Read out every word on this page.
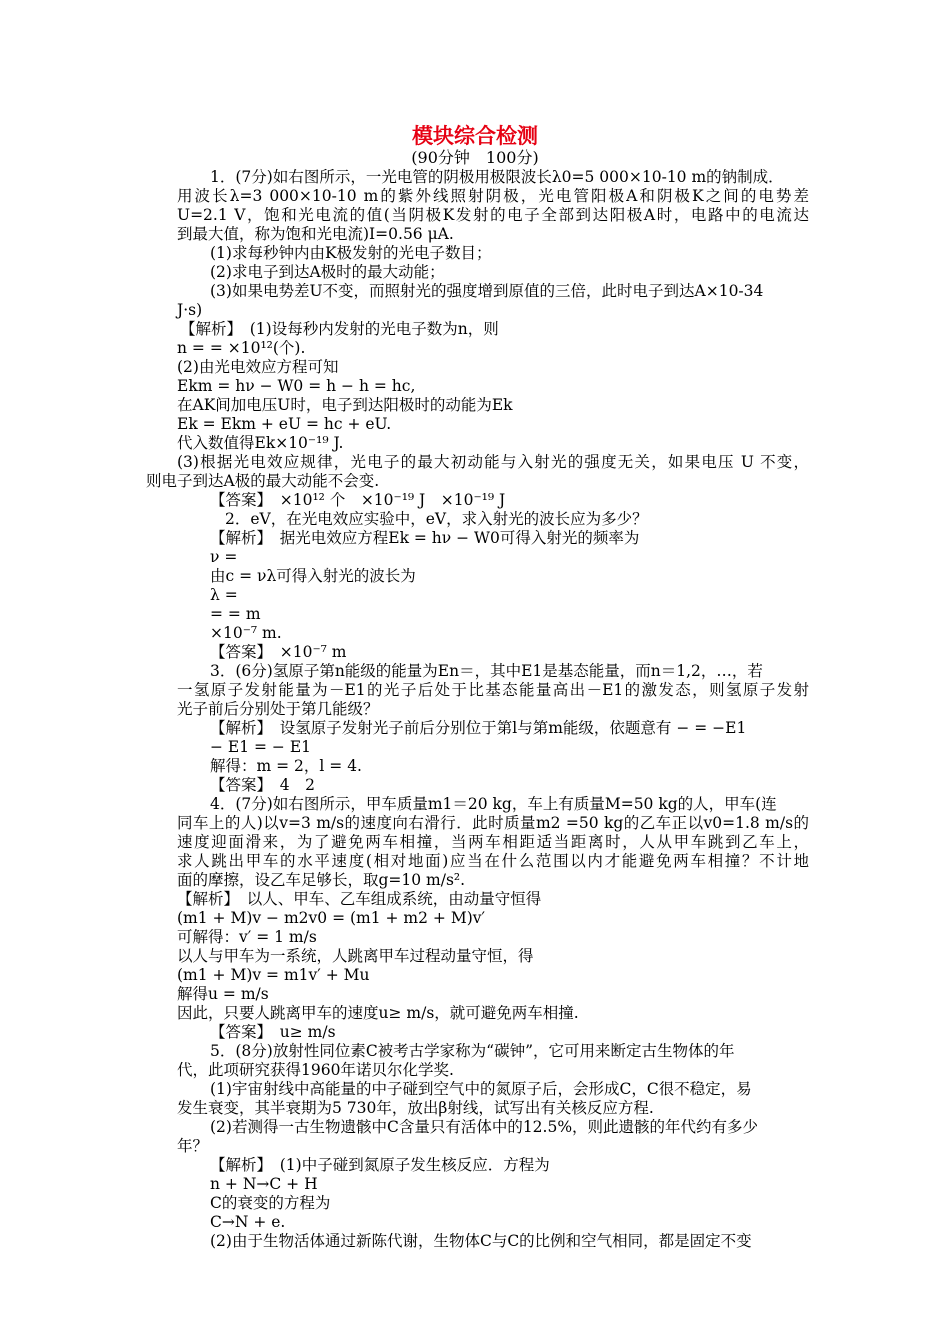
模块综合检测
(90分钟　100分)
1．(7分)如右图所示，一光电管的阴极用极限波长λ0=5 000×10-10 m的钠制成．
用波长λ=3 000×10-10 m的紫外线照射阴极，光电管阳极A和阴极K之间的电势差
U=2.1 V，饱和光电流的值(当阴极K发射的电子全部到达阳极A时，电路中的电流达
到最大值，称为饱和光电流)I=0.56 μA.
(1)求每秒钟内由K极发射的光电子数目；
(2)求电子到达A极时的最大动能；
(3)如果电势差U不变，而照射光的强度增到原值的三倍，此时电子到达A×10-34
J·s)
【解析】　(1)设每秒内发射的光电子数为n，则
n = = ×10¹²(个).
(2)由光电效应方程可知
Ekm = hν − W0 = h − h = hc,
在AK间加电压U时，电子到达阳极时的动能为Ek
Ek = Ekm + eU = hc + eU.
代入数值得Ek×10⁻¹⁹ J.
(3)根据光电效应规律，光电子的最大初动能与入射光的强度无关，如果电压 U 不变，
则电子到达A极的最大动能不会变.
【答案】　×10¹² 个　×10⁻¹⁹ J　×10⁻¹⁹ J
2．eV，在光电效应实验中，eV，求入射光的波长应为多少？
【解析】　据光电效应方程Ek = hν − W0可得入射光的频率为
ν =
由c = νλ可得入射光的波长为
λ =
= = m
×10⁻⁷ m.
【答案】　×10⁻⁷ m
3．(6分)氢原子第n能级的能量为En＝，其中E1是基态能量，而n＝1,2，…，若
一氢原子发射能量为－E1的光子后处于比基态能量高出－E1的激发态，则氢原子发射
光子前后分别处于第几能级？
【解析】　设氢原子发射光子前后分别位于第l与第m能级，依题意有 − = −E1
− E1 = − E1
解得：m = 2，l = 4.
【答案】　4　2
4．(7分)如右图所示，甲车质量m1＝20 kg，车上有质量M=50 kg的人，甲车(连
同车上的人)以v=3 m/s的速度向右滑行．此时质量m2 =50 kg的乙车正以v0=1.8 m/s的
速度迎面滑来，为了避免两车相撞，当两车相距适当距离时，人从甲车跳到乙车上，
求人跳出甲车的水平速度(相对地面)应当在什么范围以内才能避免两车相撞？不计地
面的摩擦，设乙车足够长，取g=10 m/s².
【解析】　以人、甲车、乙车组成系统，由动量守恒得
(m1 + M)v − m2v0 = (m1 + m2 + M)v′
可解得：v′ = 1 m/s
以人与甲车为一系统，人跳离甲车过程动量守恒，得
(m1 + M)v = m1v′ + Mu
解得u = m/s
因此，只要人跳离甲车的速度u≥ m/s，就可避免两车相撞.
【答案】　u≥ m/s
5．(8分)放射性同位素C被考古学家称为“碳钟”，它可用来断定古生物体的年
代，此项研究获得1960年诺贝尔化学奖.
(1)宇宙射线中高能量的中子碰到空气中的氮原子后，会形成C，C很不稳定，易
发生衰变，其半衰期为5 730年，放出β射线，试写出有关核反应方程.
(2)若测得一古生物遗骸中C含量只有活体中的12.5%，则此遗骸的年代约有多少
年？
【解析】　(1)中子碰到氮原子发生核反应．方程为
n + N→C + H
C的衰变的方程为
C→N + e.
(2)由于生物活体通过新陈代谢，生物体C与C的比例和空气相同，都是固定不变
